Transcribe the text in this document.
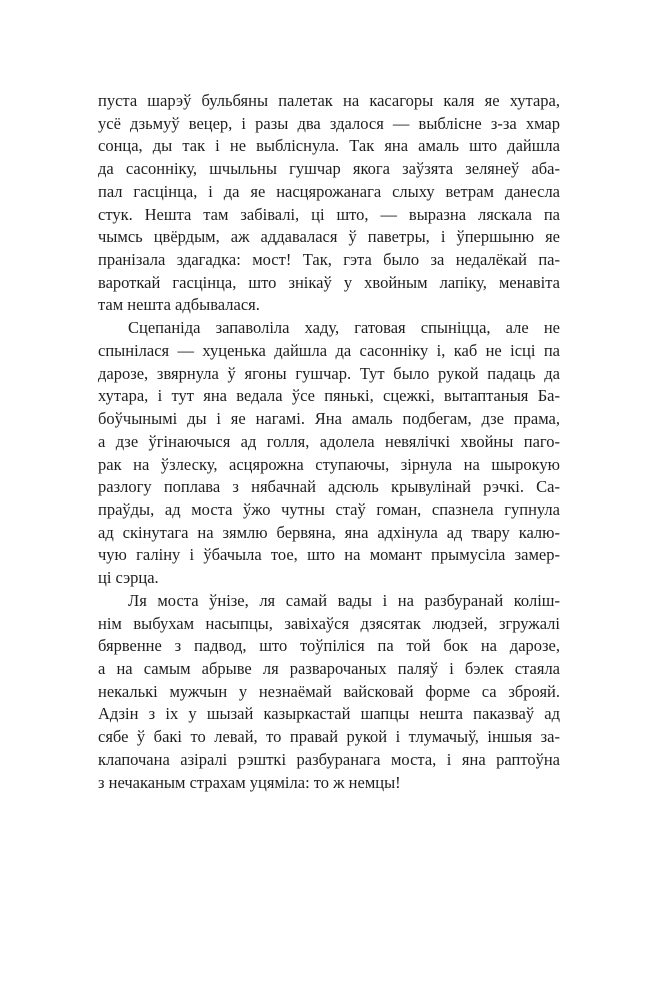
пуста шарэў бульбяны палетак на касагоры каля яе хутара,
усё дзьмуў вецер, і разы два здалося — выблісне з-за хмар
сонца, ды так і не выбліснула. Так яна амаль што дайшла
да сасонніку, шчыльны гушчар якога заўзята зелянеў аба-
пал гасцінца, і да яе насцярожанага слыху ветрам данесла
стук. Нешта там забівалі, ці што, — выразна ляскала па
чымсь цвёрдым, аж аддавалася ў паветры, і ўпершыню яе
пранізала здагадка: мост! Так, гэта было за недалёкай па-
вароткай гасцінца, што знікаў у хвойным лапіку, менавіта
там нешта адбывалася.
Сцепаніда запаволіла хаду, гатовая спыніцца, але не
спынілася — хуценька дайшла да сасонніку і, каб не ісці па
дарозе, звярнула ў ягоны гушчар. Тут было рукой падаць да
хутара, і тут яна ведала ўсе пянькі, сцежкі, вытаптаныя Ба-
боўчынымі ды і яе нагамі. Яна амаль подбегам, дзе прама,
а дзе ўгінаючыся ад голля, адолела невялічкі хвойны паго-
рак на ўзлеску, асцярожна ступаючы, зірнула на шырокую
разлогу поплава з нябачнай адсюль крывулінай рэчкі. Са-
праўды, ад моста ўжо чутны стаў гоман, спазнела гупнула
ад скінутага на зямлю бервяна, яна адхінула ад твару калю-
чую галіну і ўбачыла тое, што на момант прымусіла замер-
ці сэрца.
Ля моста ўнізе, ля самай вады і на разбуранай коліш-
нім выбухам насыпцы, завіхаўся дзясятак людзей, згружалі
бярвенне з падвод, што тоўпіліся па той бок на дарозе,
а на самым абрыве ля разварочаных паляў і бэлек стаяла
некалькі мужчын у незнаёмай вайсковай форме са зброяй.
Адзін з іх у шызай казыркастай шапцы нешта паказваў ад
сябе ў бакі то левай, то правай рукой і тлумачыў, іншыя за-
клапочана азіралі рэшткі разбуранага моста, і яна раптоўна
з нечаканым страхам уцяміла: то ж немцы!
